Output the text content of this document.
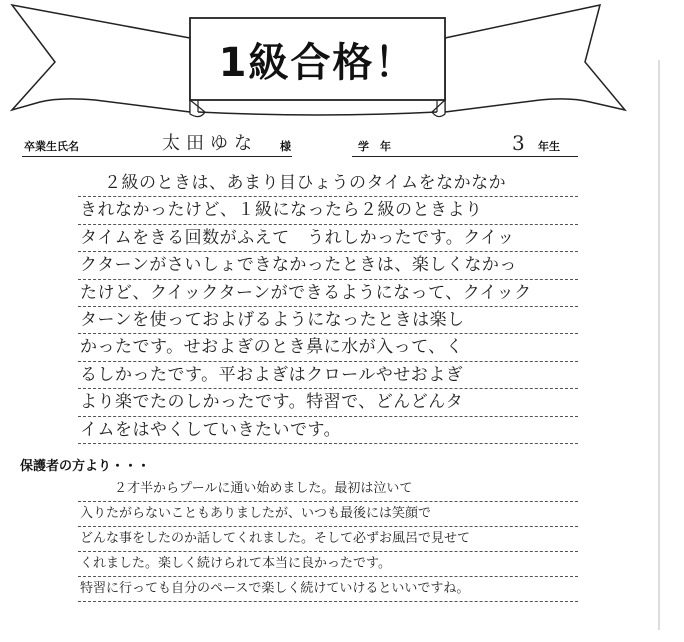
1級合格！
卒業生氏名	太田ゆな 様	学　年	3 年生
２級のときは、あまり目ひょうのタイムをなかなか
きれなかったけど、１級になったら２級のときより
タイムをきる回数がふえて　うれしかったです。クイッ
クターンがさいしょできなかったときは、楽しくなかっ
たけど、クイックターンができるようになって、クイック
ターンを使っておよげるようになったときは楽し
かったです。せおよぎのとき鼻に水が入って、く
るしかったです。平およぎはクロールやせおよぎ
より楽でたのしかったです。特習で、どんどんタ
イムをはやくしていきたいです。
保護者の方より・・・
２才半からプールに通い始めました。最初は泣いて
入りたがらないこともありましたが、いつも最後には笑顔で
どんな事をしたのか話してくれました。そして必ずお風呂で見せて
くれました。楽しく続けられて本当に良かったです。
特習に行っても自分のペースで楽しく続けていけるといいですね。
